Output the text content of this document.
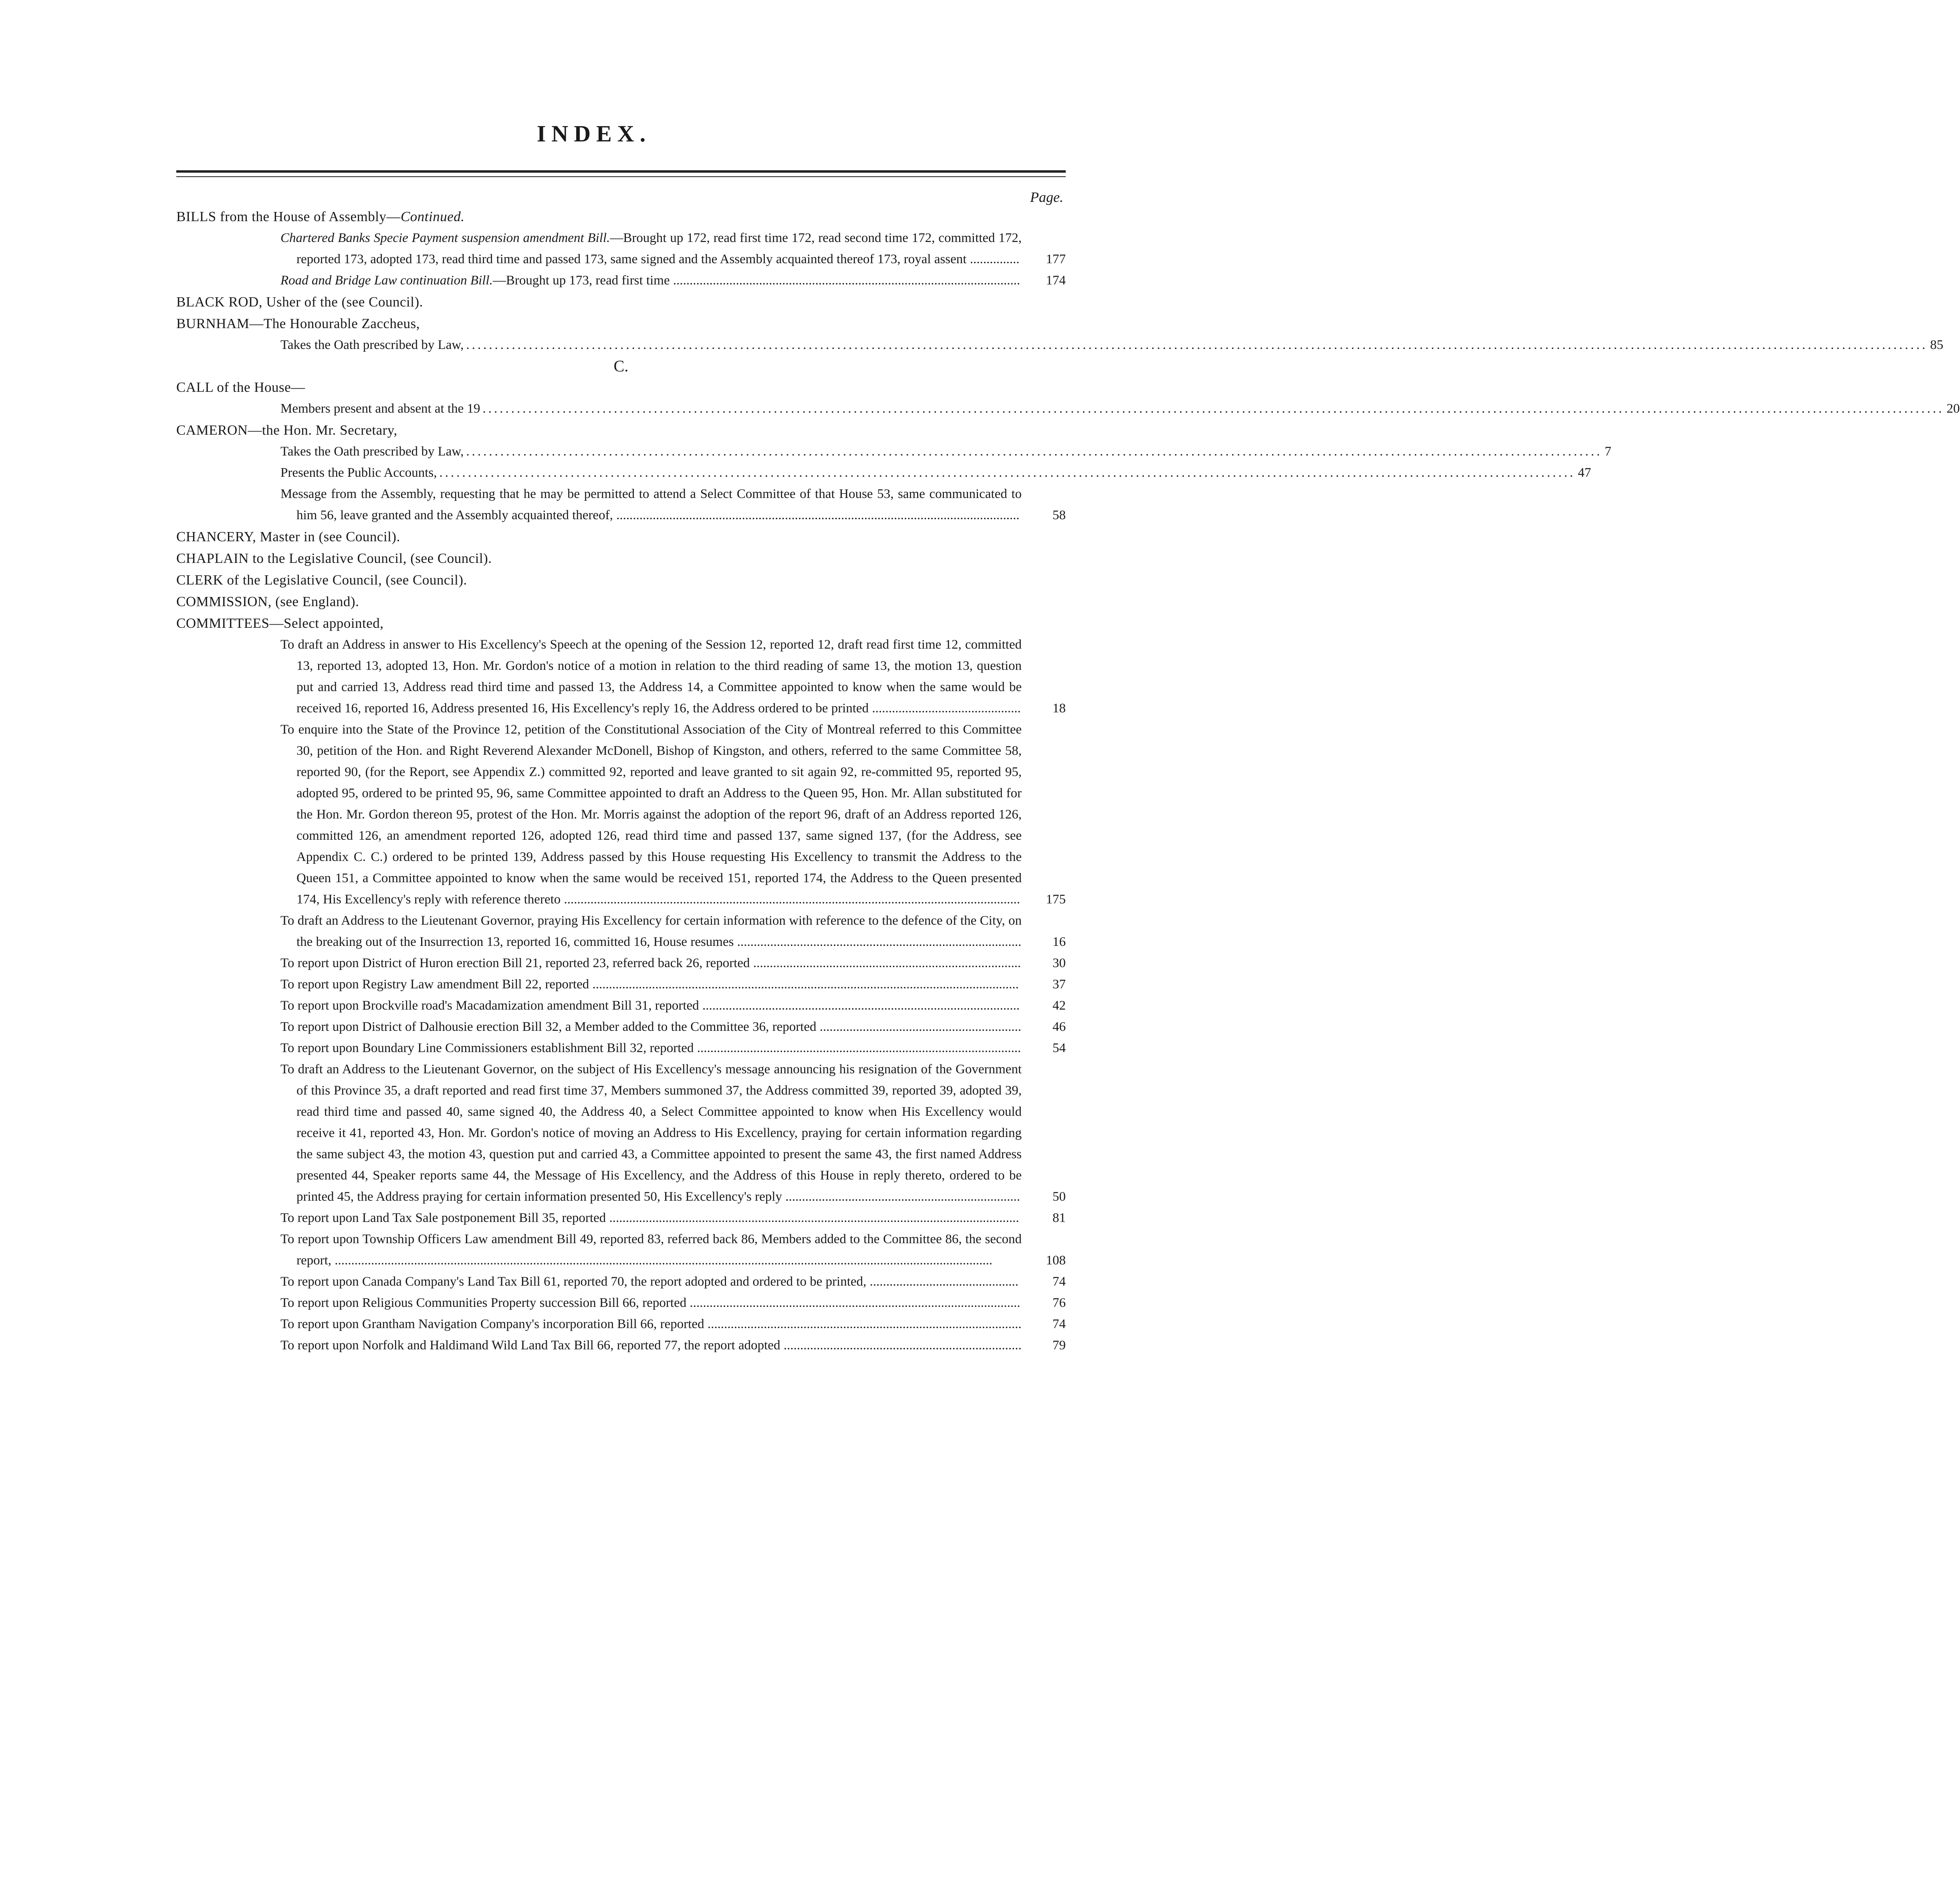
INDEX.
Page.
BILLS from the House of Assembly—Continued.
Chartered Banks Specie Payment suspension amendment Bill.—Brought up 172, read first time 172, read second time 172, committed 172, reported 173, adopted 173, read third time and passed 173, same signed and the Assembly acquainted thereof 173, royal assent ...............	177
Road and Bridge Law continuation Bill.—Brought up 173, read first time .........................................................................................................	174
BLACK ROD, Usher of the (see Council).
BURNHAM—The Honourable Zaccheus,
Takes the Oath prescribed by Law, ................................................................................................................................................................................................................................................................ 85
C.
CALL of the House—
Members present and absent at the 19 ................................................................................................................................................................................................................................................................ 20
CAMERON—the Hon. Mr. Secretary,
Takes the Oath prescribed by Law, ....................................................................................................................................................................................................... 7
Presents the Public Accounts, ....................................................................................................................................................................................................... 47
Message from the Assembly, requesting that he may be permitted to attend a Select Committee of that House 53, same communicated to him 56, leave granted and the Assembly acquainted thereof, ..........................................................................................................................	58
CHANCERY, Master in (see Council).
CHAPLAIN to the Legislative Council, (see Council).
CLERK of the Legislative Council, (see Council).
COMMISSION, (see England).
COMMITTEES—Select appointed,
To draft an Address in answer to His Excellency's Speech at the opening of the Session 12, reported 12, draft read first time 12, committed 13, reported 13, adopted 13, Hon. Mr. Gordon's notice of a motion in relation to the third reading of same 13, the motion 13, question put and carried 13, Address read third time and passed 13, the Address 14, a Committee appointed to know when the same would be received 16, reported 16, Address presented 16, His Excellency's reply 16, the Address ordered to be printed .............................................	18
To enquire into the State of the Province 12, petition of the Constitutional Association of the City of Montreal referred to this Committee 30, petition of the Hon. and Right Reverend Alexander McDonell, Bishop of Kingston, and others, referred to the same Committee 58, reported 90, (for the Report, see Appendix Z.) committed 92, reported and leave granted to sit again 92, re-committed 95, reported 95, adopted 95, ordered to be printed 95, 96, same Committee appointed to draft an Address to the Queen 95, Hon. Mr. Allan substituted for the Hon. Mr. Gordon thereon 95, protest of the Hon. Mr. Morris against the adoption of the report 96, draft of an Address reported 126, committed 126, an amendment reported 126, adopted 126, read third time and passed 137, same signed 137, (for the Address, see Appendix C. C.) ordered to be printed 139, Address passed by this House requesting His Excellency to transmit the Address to the Queen 151, a Committee appointed to know when the same would be received 151, reported 174, the Address to the Queen presented 174, His Excellency's reply with reference thereto ..........................................................................................................................................	175
To draft an Address to the Lieutenant Governor, praying His Excellency for certain information with reference to the defence of the City, on the breaking out of the Insurrection 13, reported 16, committed 16, House resumes ......................................................................................	16
To report upon District of Huron erection Bill 21, reported 23, referred back 26, reported .................................................................................	30
To report upon Registry Law amendment Bill 22, reported .................................................................................................................................	37
To report upon Brockville road's Macadamization amendment Bill 31, reported ................................................................................................	42
To report upon District of Dalhousie erection Bill 32, a Member added to the Committee 36, reported .............................................................	46
To report upon Boundary Line Commissioners establishment Bill 32, reported ..................................................................................................	54
To draft an Address to the Lieutenant Governor, on the subject of His Excellency's message announcing his resignation of the Government of this Province 35, a draft reported and read first time 37, Members summoned 37, the Address committed 39, reported 39, adopted 39, read third time and passed 40, same signed 40, the Address 40, a Select Committee appointed to know when His Excellency would receive it 41, reported 43, Hon. Mr. Gordon's notice of moving an Address to His Excellency, praying for certain information regarding the same subject 43, the motion 43, question put and carried 43, a Committee appointed to present the same 43, the first named Address presented 44, Speaker reports same 44, the Message of His Excellency, and the Address of this House in reply thereto, ordered to be printed 45, the Address praying for certain information presented 50, His Excellency's reply .......................................................................	50
To report upon Land Tax Sale postponement Bill 35, reported ............................................................................................................................	81
To report upon Township Officers Law amendment Bill 49, reported 83, referred back 86, Members added to the Committee 86, the second report, .......................................................................................................................................................................................................	108
To report upon Canada Company's Land Tax Bill 61, reported 70, the report adopted and ordered to be printed, .............................................	74
To report upon Religious Communities Property succession Bill 66, reported ....................................................................................................	76
To report upon Grantham Navigation Company's incorporation Bill 66, reported ...............................................................................................	74
To report upon Norfolk and Haldimand Wild Land Tax Bill 66, reported 77, the report adopted ........................................................................	79
